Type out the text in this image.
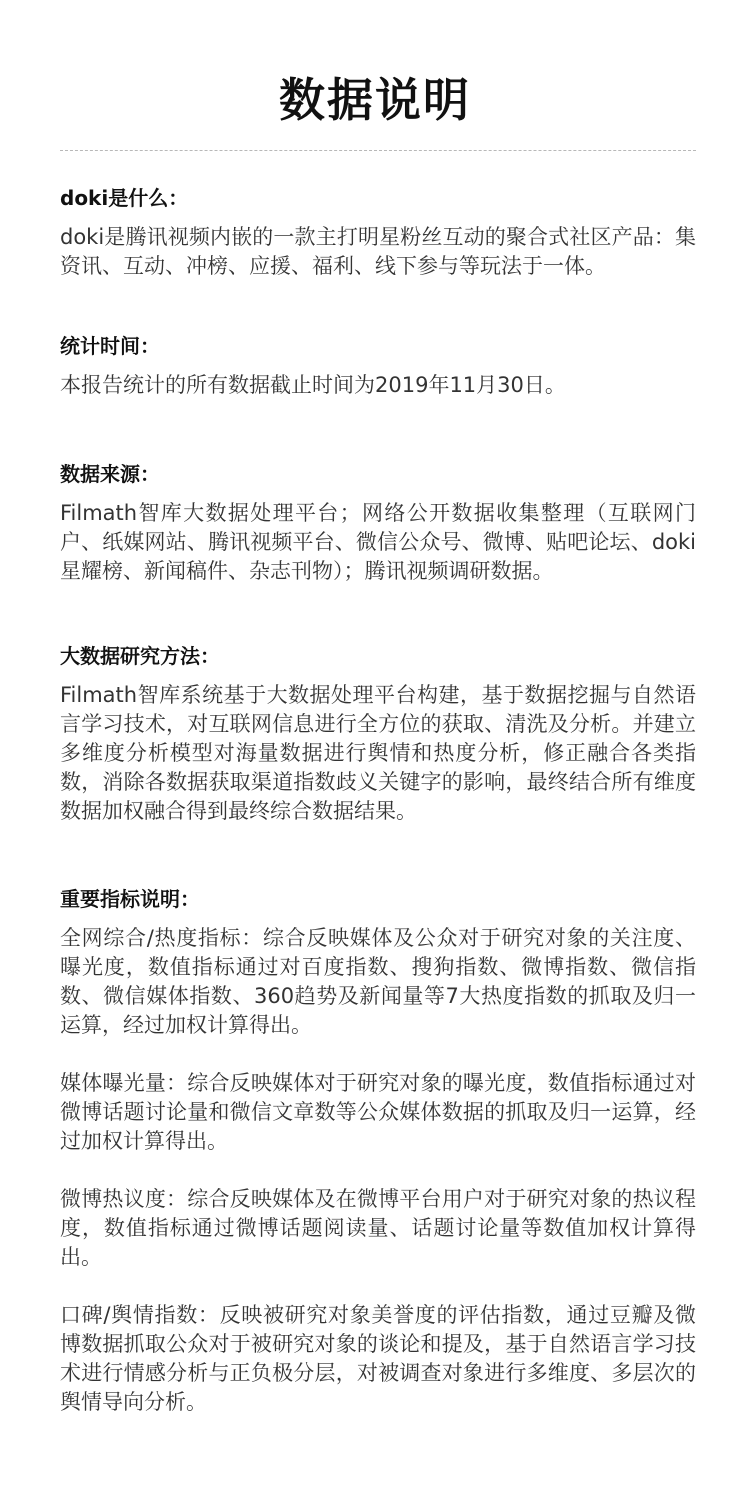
数据说明
doki是什么：

doki是腾讯视频内嵌的一款主打明星粉丝互动的聚合式社区产品：集资讯、互动、冲榜、应援、福利、线下参与等玩法于一体。

统计时间：

本报告统计的所有数据截止时间为2019年11月30日。

数据来源：

Filmath智库大数据处理平台；网络公开数据收集整理（互联网门户、纸媒网站、腾讯视频平台、微信公众号、微博、贴吧论坛、doki星耀榜、新闻稿件、杂志刊物）；腾讯视频调研数据。

大数据研究方法：

Filmath智库系统基于大数据处理平台构建，基于数据挖掘与自然语言学习技术，对互联网信息进行全方位的获取、清洗及分析。并建立多维度分析模型对海量数据进行舆情和热度分析，修正融合各类指数，消除各数据获取渠道指数歧义关键字的影响，最终结合所有维度数据加权融合得到最终综合数据结果。

重要指标说明：

全网综合/热度指标：综合反映媒体及公众对于研究对象的关注度、曝光度，数值指标通过对百度指数、搜狗指数、微博指数、微信指数、微信媒体指数、360趋势及新闻量等7大热度指数的抓取及归一运算，经过加权计算得出。

媒体曝光量：综合反映媒体对于研究对象的曝光度，数值指标通过对微博话题讨论量和微信文章数等公众媒体数据的抓取及归一运算，经过加权计算得出。

微博热议度：综合反映媒体及在微博平台用户对于研究对象的热议程度，数值指标通过微博话题阅读量、话题讨论量等数值加权计算得出。

口碑/舆情指数：反映被研究对象美誉度的评估指数，通过豆瓣及微博数据抓取公众对于被研究对象的谈论和提及，基于自然语言学习技术进行情感分析与正负极分层，对被调查对象进行多维度、多层次的舆情导向分析。
